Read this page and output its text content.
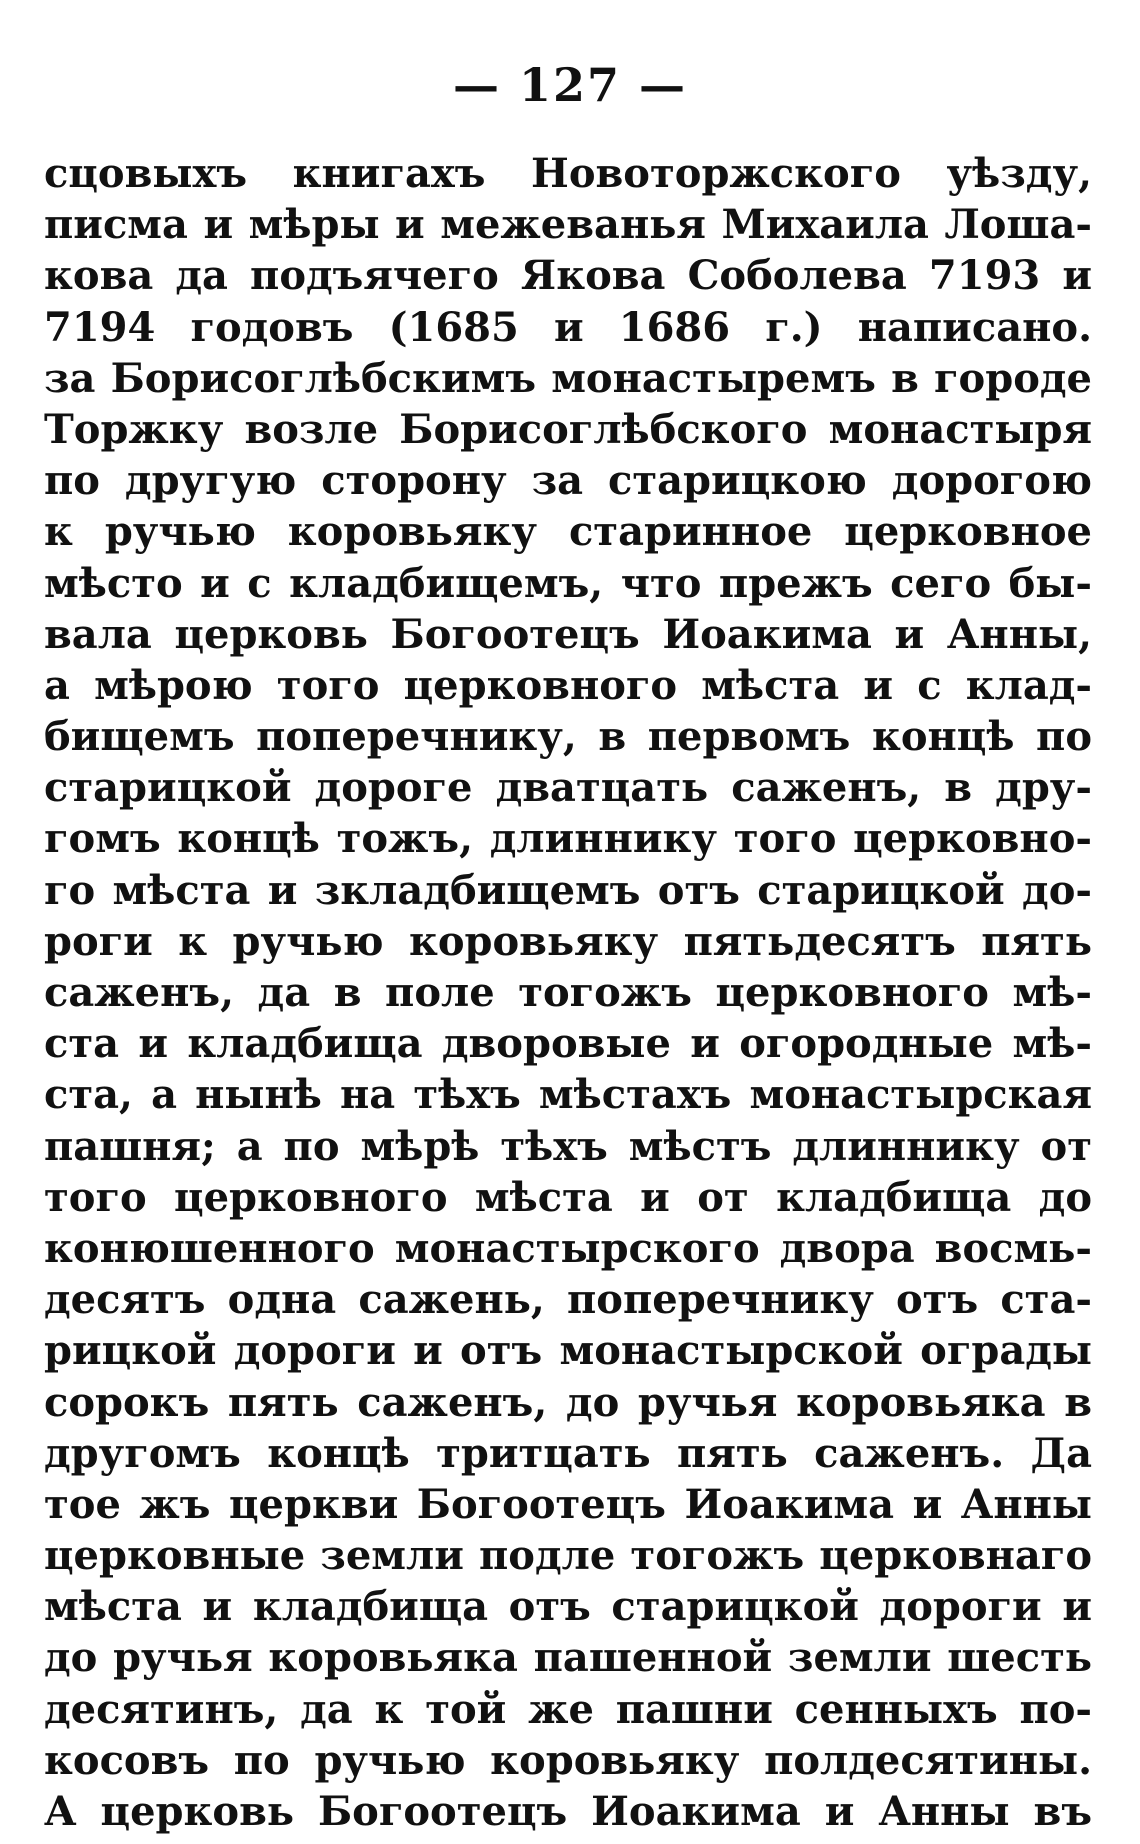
— 127 —
сцовыхъ книгахъ Новоторжского уѣзду,
писма и мѣры и межеванья Михаила Лоша-
кова да подъячего Якова Соболева 7193 и
7194 годовъ (1685 и 1686 г.) написано.
за Борисоглѣбскимъ монастыремъ в городе
Торжку возле Борисоглѣбского монастыря
по другую сторону за старицкою дорогою
к ручью коровьяку старинное церковное
мѣсто и с кладбищемъ, что прежъ сего бы-
вала церковь Богоотецъ Иоакима и Анны,
а мѣрою того церковного мѣста и с клад-
бищемъ поперечнику, в первомъ концѣ по
старицкой дороге дватцать саженъ, в дру-
гомъ концѣ тожъ, длиннику того церковно-
го мѣста и зкладбищемъ отъ старицкой до-
роги к ручью коровьяку пятьдесятъ пять
саженъ, да в поле тогожъ церковного мѣ-
ста и кладбища дворовые и огородные мѣ-
ста, а нынѣ на тѣхъ мѣстахъ монастырская
пашня; а по мѣрѣ тѣхъ мѣстъ длиннику от
того церковного мѣста и от кладбища до
конюшенного монастырского двора восмь-
десятъ одна сажень, поперечнику отъ ста-
рицкой дороги и отъ монастырской ограды
сорокъ пять саженъ, до ручья коровьяка в
другомъ концѣ тритцать пять саженъ. Да
тое жъ церкви Богоотецъ Иоакима и Анны
церковные земли подле тогожъ церковнаго
мѣста и кладбища отъ старицкой дороги и
до ручья коровьяка пашенной земли шесть
десятинъ, да к той же пашни сенныхъ по-
косовъ по ручью коровьяку полдесятины.
А церковь Богоотецъ Иоакима и Анны въ
